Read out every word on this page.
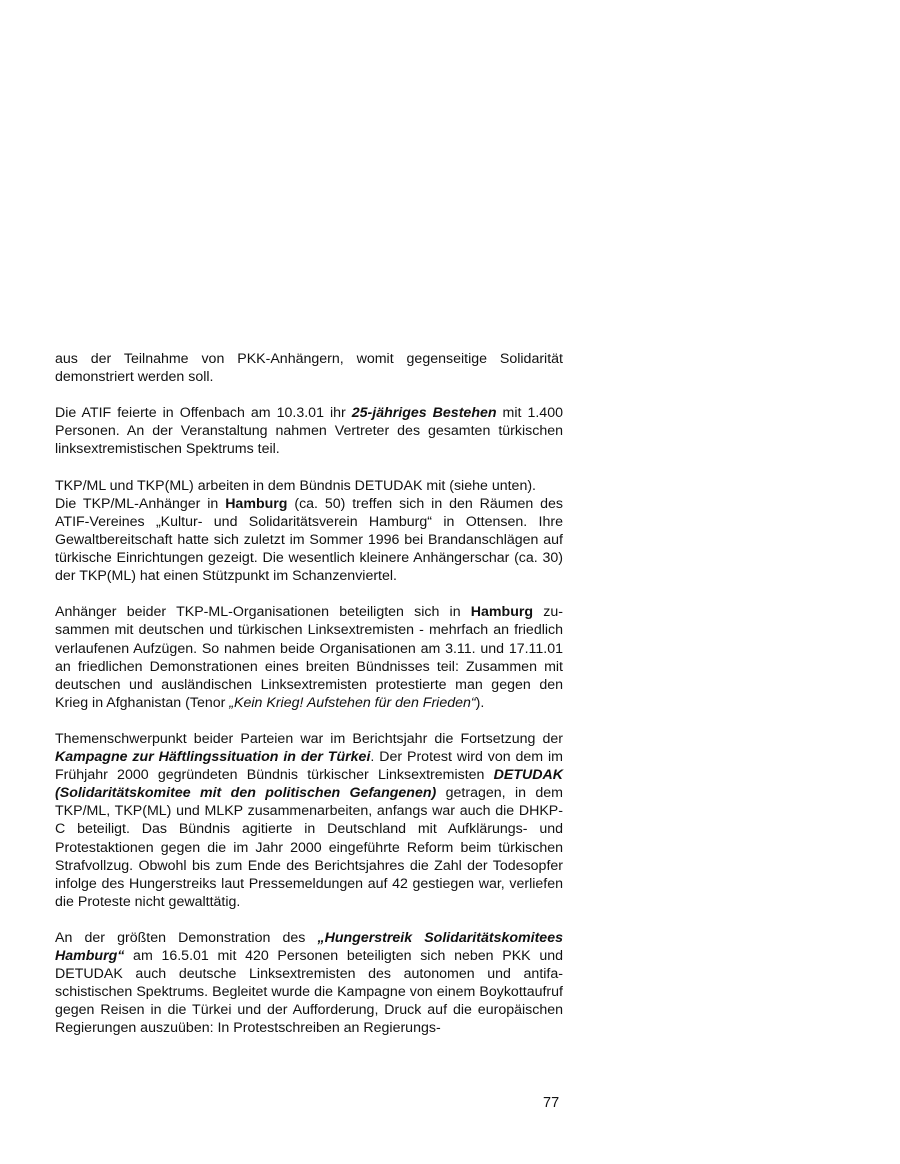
aus der Teilnahme von PKK-Anhängern, womit gegenseitige Solidarität demonstriert werden soll.

Die ATIF feierte in Offenbach am 10.3.01 ihr 25-jähriges Bestehen mit 1.400 Personen. An der Veranstaltung nahmen Vertreter des gesamten türkischen linksextremistischen Spektrums teil.

TKP/ML und TKP(ML) arbeiten in dem Bündnis DETUDAK mit (siehe unten).

Die TKP/ML-Anhänger in Hamburg (ca. 50) treffen sich in den Räumen des ATIF-Vereines „Kultur- und Solidaritätsverein Hamburg“ in Ottensen. Ihre Gewaltbereitschaft hatte sich zuletzt im Sommer 1996 bei Brandanschlägen auf türkische Einrichtungen gezeigt. Die wesentlich kleinere Anhängerschar (ca. 30) der TKP(ML) hat einen Stützpunkt im Schanzenviertel.

Anhänger beider TKP-ML-Organisationen beteiligten sich in Hamburg zusammen mit deutschen und türkischen Linksextremisten - mehrfach an friedlich verlaufenen Aufzügen. So nahmen beide Organisationen am 3.11. und 17.11.01 an friedlichen Demonstrationen eines breiten Bündnisses teil: Zusammen mit deutschen und ausländischen Linksextremisten protestierte man gegen den Krieg in Afghanistan (Tenor „Kein Krieg! Aufstehen für den Frieden“).

Themenschwerpunkt beider Parteien war im Berichtsjahr die Fortsetzung der Kampagne zur Häftlingssituation in der Türkei. Der Protest wird von dem im Frühjahr 2000 gegründeten Bündnis türkischer Linksextremisten DETUDAK (Solidaritätskomitee mit den politischen Gefangenen) getragen, in dem TKP/ML, TKP(ML) und MLKP zusammenarbeiten, anfangs war auch die DHKP-C beteiligt. Das Bündnis agitierte in Deutschland mit Aufklärungs- und Protestaktionen gegen die im Jahr 2000 eingeführte Reform beim türkischen Strafvollzug. Obwohl bis zum Ende des Berichtsjahres die Zahl der Todesopfer infolge des Hungerstreiks laut Pressemeldungen auf 42 gestiegen war, verliefen die Proteste nicht gewalttätig.

An der größten Demonstration des „Hungerstreik Solidaritätskomitees Hamburg“ am 16.5.01 mit 420 Personen beteiligten sich neben PKK und DETUDAK auch deutsche Linksextremisten des autonomen und antifaschistischen Spektrums. Begleitet wurde die Kampagne von einem Boykottaufruf gegen Reisen in die Türkei und der Aufforderung, Druck auf die europäischen Regierungen auszuüben: In Protestschreiben an Regierungs-

77
